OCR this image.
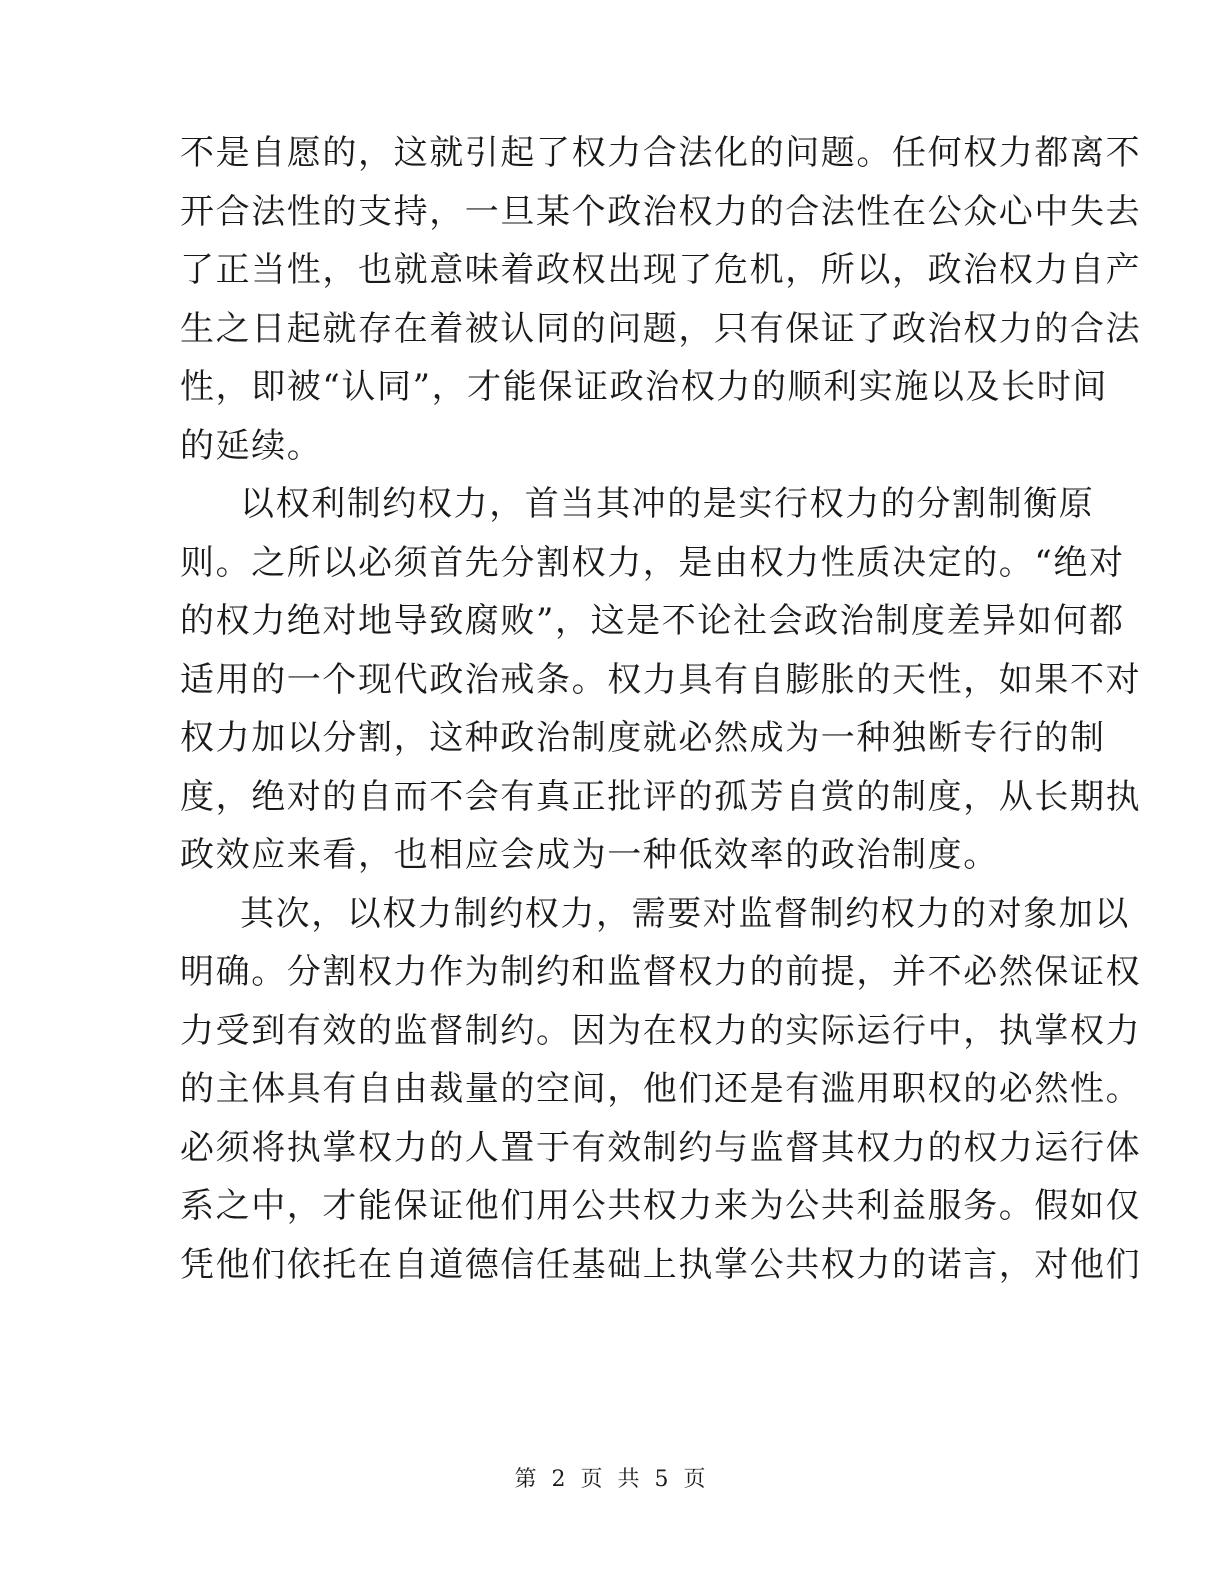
不是自愿的，这就引起了权力合法化的问题。任何权力都离不
开合法性的支持，一旦某个政治权力的合法性在公众心中失去
了正当性，也就意味着政权出现了危机，所以，政治权力自产
生之日起就存在着被认同的问题，只有保证了政治权力的合法
性，即被“认同”，才能保证政治权力的顺利实施以及长时间
的延续。
以权利制约权力，首当其冲的是实行权力的分割制衡原
则。之所以必须首先分割权力，是由权力性质决定的。“绝对
的权力绝对地导致腐败”，这是不论社会政治制度差异如何都
适用的一个现代政治戒条。权力具有自膨胀的天性，如果不对
权力加以分割，这种政治制度就必然成为一种独断专行的制
度，绝对的自而不会有真正批评的孤芳自赏的制度，从长期执
政效应来看，也相应会成为一种低效率的政治制度。
其次，以权力制约权力，需要对监督制约权力的对象加以
明确。分割权力作为制约和监督权力的前提，并不必然保证权
力受到有效的监督制约。因为在权力的实际运行中，执掌权力
的主体具有自由裁量的空间，他们还是有滥用职权的必然性。
必须将执掌权力的人置于有效制约与监督其权力的权力运行体
系之中，才能保证他们用公共权力来为公共利益服务。假如仅
凭他们依托在自道德信任基础上执掌公共权力的诺言，对他们
第 2 页 共 5 页
